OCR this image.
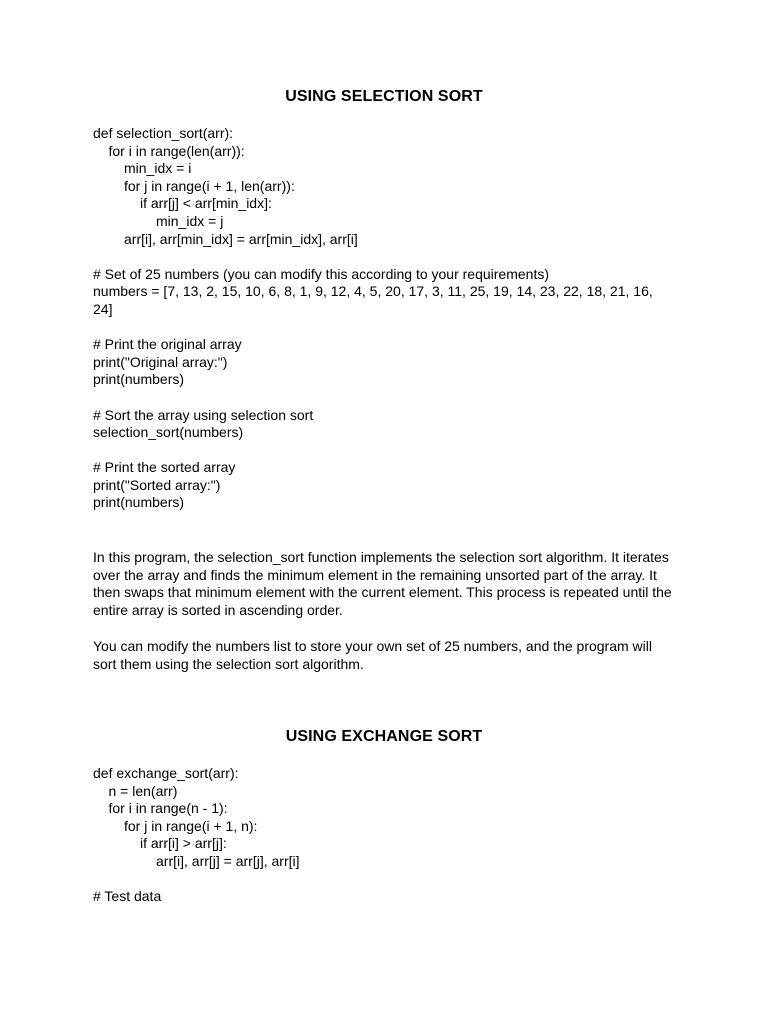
USING SELECTION SORT
def selection_sort(arr):
for i in range(len(arr)):
min_idx = i
for j in range(i + 1, len(arr)):
if arr[j] < arr[min_idx]:
min_idx = j
arr[i], arr[min_idx] = arr[min_idx], arr[i]

# Set of 25 numbers (you can modify this according to your requirements)
numbers = [7, 13, 2, 15, 10, 6, 8, 1, 9, 12, 4, 5, 20, 17, 3, 11, 25, 19, 14, 23, 22, 18, 21, 16,
24]

# Print the original array
print("Original array:")
print(numbers)

# Sort the array using selection sort
selection_sort(numbers)

# Print the sorted array
print("Sorted array:")
print(numbers)

In this program, the selection_sort function implements the selection sort algorithm. It iterates over the array and finds the minimum element in the remaining unsorted part of the array. It then swaps that minimum element with the current element. This process is repeated until the entire array is sorted in ascending order.

You can modify the numbers list to store your own set of 25 numbers, and the program will sort them using the selection sort algorithm.

USING EXCHANGE SORT
def exchange_sort(arr):
n = len(arr)
for i in range(n - 1):
for j in range(i + 1, n):
if arr[i] > arr[j]:
arr[i], arr[j] = arr[j], arr[i]

# Test data
